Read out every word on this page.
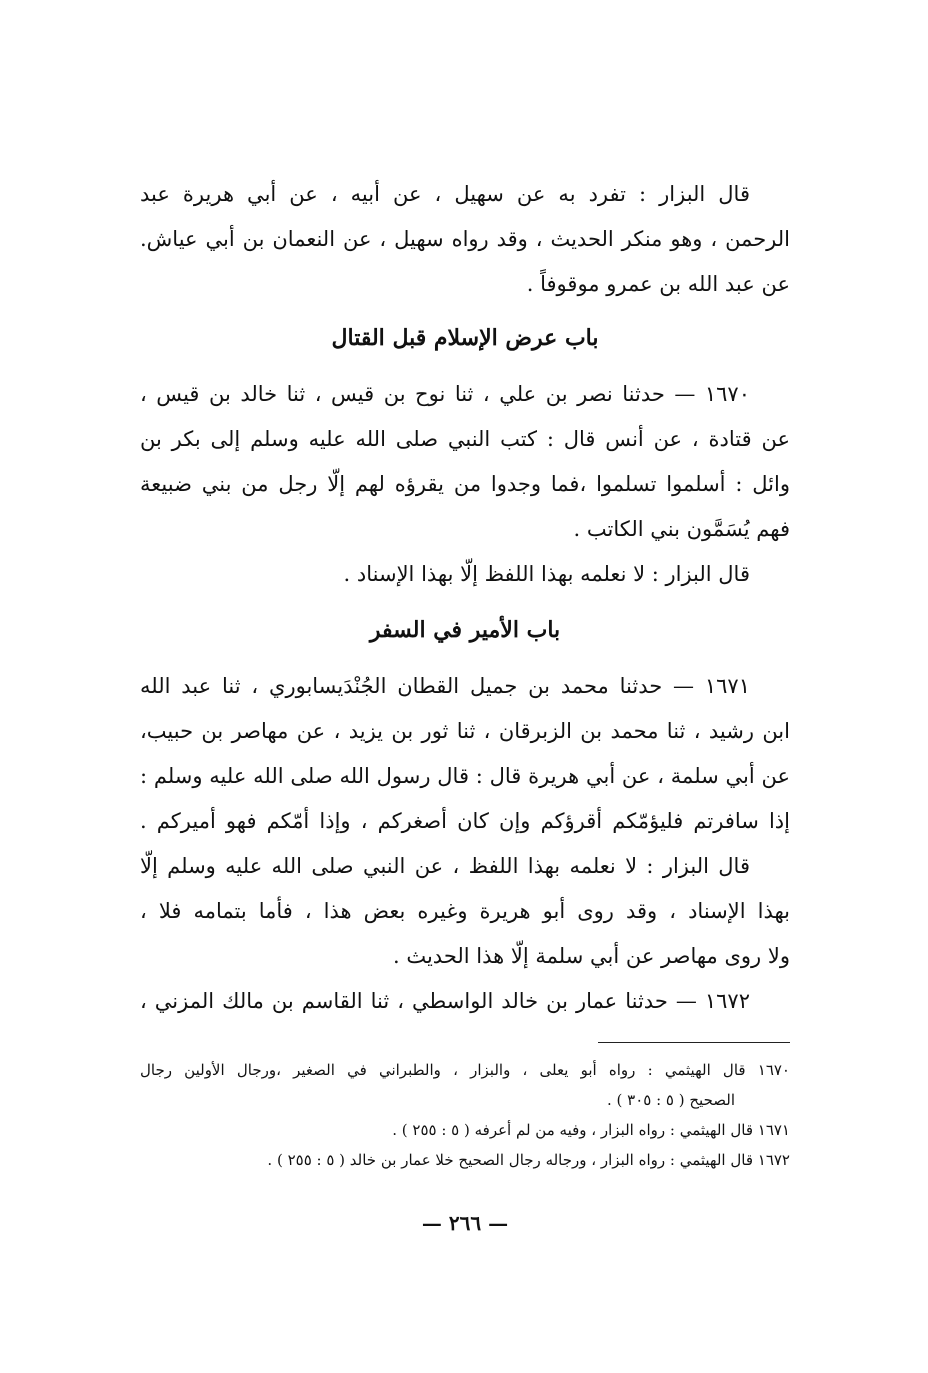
قال البزار : تفرد به عن سهيل ، عن أبيه ، عن أبي هريرة عبد
الرحمن ، وهو منكر الحديث ، وقد رواه سهيل ، عن النعمان بن أبي عياش.
عن عبد الله بن عمرو موقوفاً .
باب عرض الإسلام قبل القتال
١٦٧٠ — حدثنا نصر بن علي ، ثنا نوح بن قيس ، ثنا خالد بن قيس ،
عن قتادة ، عن أنس قال : كتب النبي صلى الله عليه وسلم إلى بكر بن
وائل : أسلموا تسلموا ،فما وجدوا من يقرؤه لهم إلّا رجل من بني ضبيعة
فهم يُسَمَّون بني الكاتب .
قال البزار : لا نعلمه بهذا اللفظ إلّا بهذا الإسناد .
باب الأمير في السفر
١٦٧١ — حدثنا محمد بن جميل القطان الجُنْدَيسابوري ، ثنا عبد الله
ابن رشيد ، ثنا محمد بن الزبرقان ، ثنا ثور بن يزيد ، عن مهاصر بن حبيب،
عن أبي سلمة ، عن أبي هريرة قال : قال رسول الله صلى الله عليه وسلم :
إذا سافرتم فليؤمّكم أقرؤكم وإن كان أصغركم ، وإذا أمّكم فهو أميركم .
قال البزار : لا نعلمه بهذا اللفظ ، عن النبي صلى الله عليه وسلم إلّا
بهذا الإسناد ، وقد روى أبو هريرة وغيره بعض هذا ، فأما بتمامه فلا ،
ولا روى مهاصر عن أبي سلمة إلّا هذا الحديث .
١٦٧٢ — حدثنا عمار بن خالد الواسطي ، ثنا القاسم بن مالك المزني ،
١٦٧٠ قال الهيثمي : رواه أبو يعلى ، والبزار ، والطبراني في الصغير ،ورجال الأولين رجال
الصحيح ( ٥ : ٣٠٥ ) .
١٦٧١ قال الهيثمي : رواه البزار ، وفيه من لم أعرفه ( ٥ : ٢٥٥ ) .
١٦٧٢ قال الهيثمي : رواه البزار ، ورجاله رجال الصحيح خلا عمار بن خالد ( ٥ : ٢٥٥ ) .
— ٢٦٦ —
